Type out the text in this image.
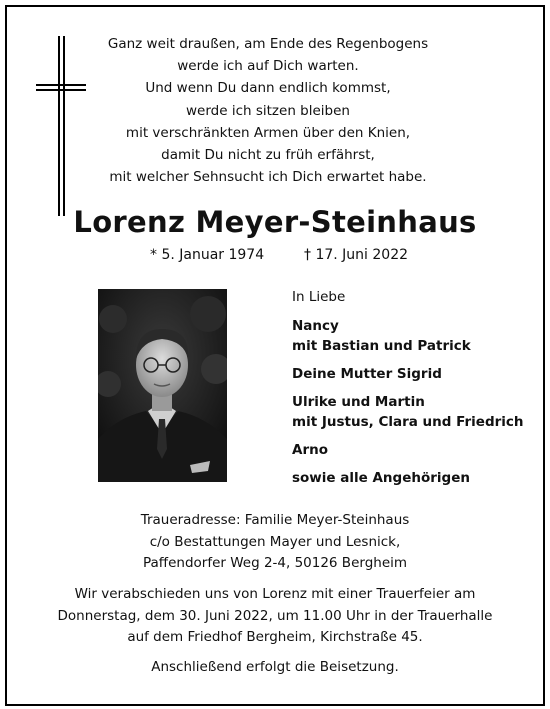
Ganz weit draußen, am Ende des Regenbogens
werde ich auf Dich warten.
Und wenn Du dann endlich kommst,
werde ich sitzen bleiben
mit verschränkten Armen über den Knien,
damit Du nicht zu früh erfährst,
mit welcher Sehnsucht ich Dich erwartet habe.
Lorenz Meyer-Steinhaus
* 5. Januar 1974	† 17. Juni 2022
In Liebe
Nancy
mit Bastian und Patrick
Deine Mutter Sigrid
Ulrike und Martin
mit Justus, Clara und Friedrich
Arno
sowie alle Angehörigen
Traueradresse: Familie Meyer-Steinhaus
c/o Bestattungen Mayer und Lesnick,
Paffendorfer Weg 2-4, 50126 Bergheim
Wir verabschieden uns von Lorenz mit einer Trauerfeier am
Donnerstag, dem 30. Juni 2022, um 11.00 Uhr in der Trauerhalle
auf dem Friedhof Bergheim, Kirchstraße 45.
Anschließend erfolgt die Beisetzung.
